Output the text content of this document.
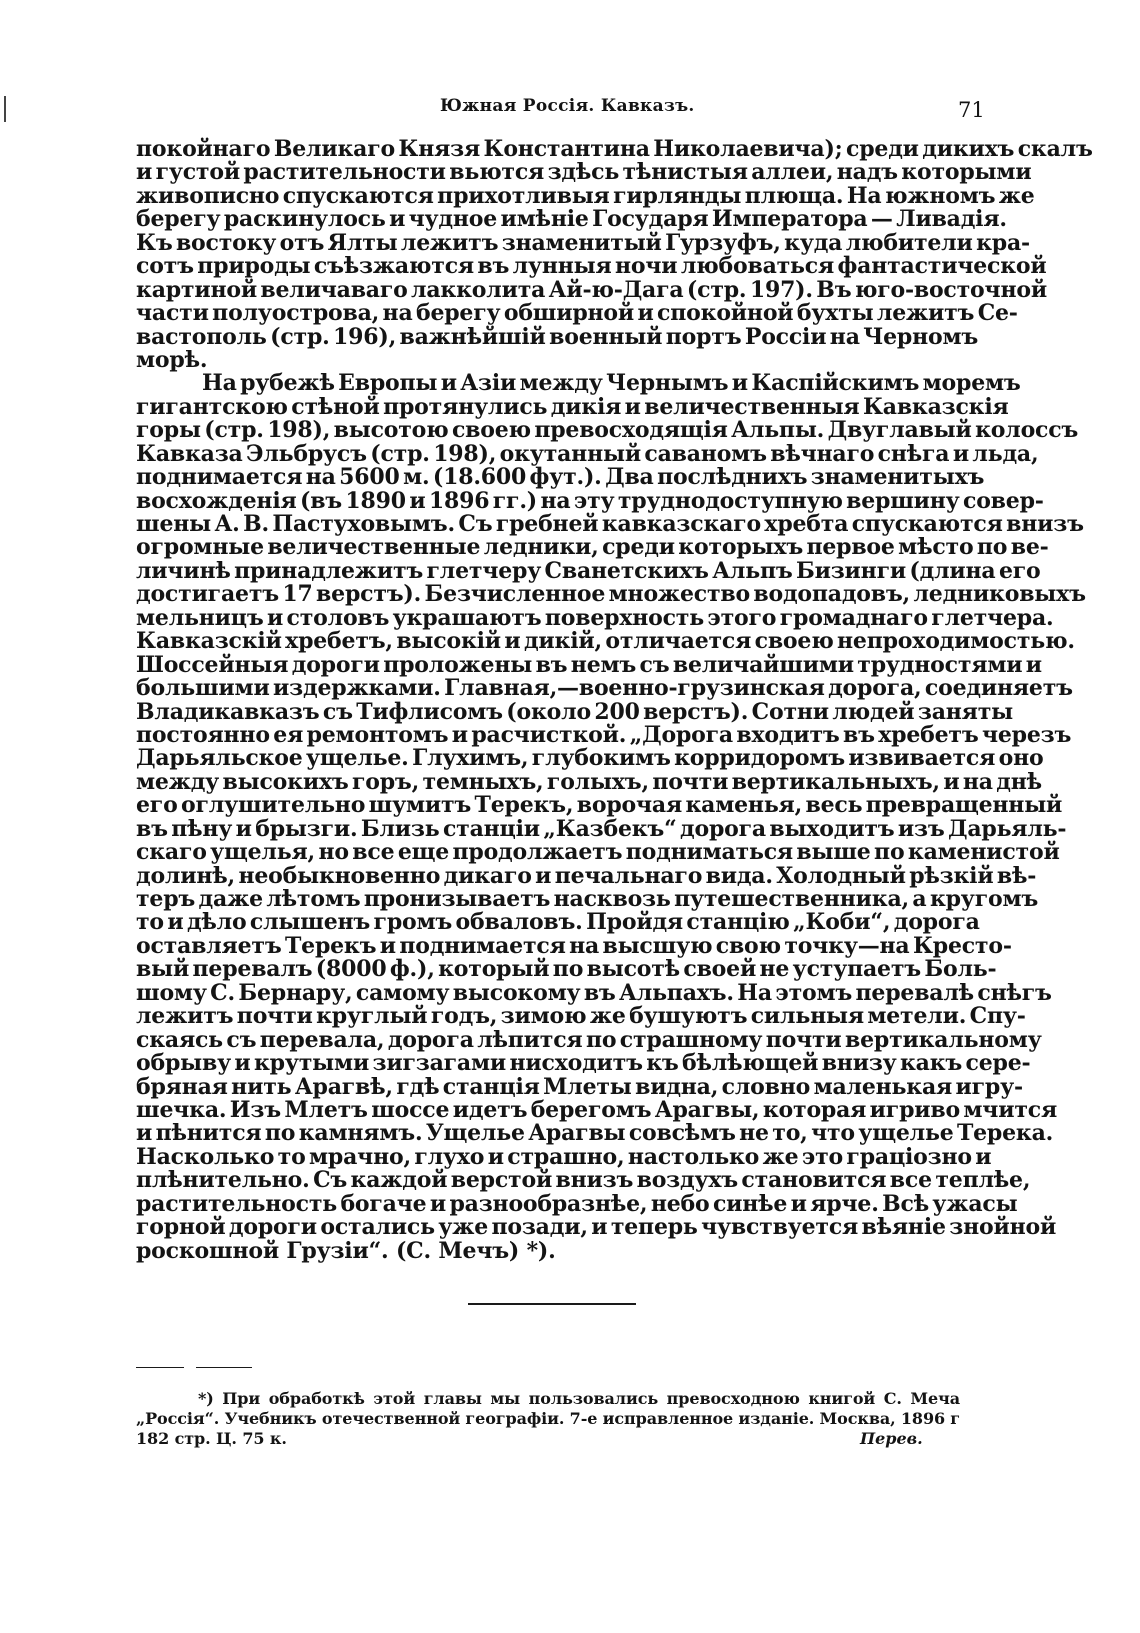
Южная Россія. Кавказъ.	71
покойнаго Великаго Князя Константина Николаевича); среди дикихъ скалъ
и густой растительности вьются здѣсь тѣнистыя аллеи, надъ которыми
живописно спускаются прихотливыя гирлянды плюща. На южномъ же
берегу раскинулось и чудное имѣніе Государя Императора — Ливадія.
Къ востоку отъ Ялты лежитъ знаменитый Гурзуфъ, куда любители кра-
сотъ природы съѣзжаются въ лунныя ночи любоваться фантастической
картиной величаваго лакколита Ай-ю-Дага (стр. 197). Въ юго-восточной
части полуострова, на берегу обширной и спокойной бухты лежитъ Се-
вастополь (стр. 196), важнѣйшій военный портъ Россіи на Черномъ
морѣ.
На рубежѣ Европы и Азіи между Чернымъ и Каспійскимъ моремъ
гигантскою стѣной протянулись дикія и величественныя Кавказскія
горы (стр. 198), высотою своею превосходящія Альпы. Двуглавый колоссъ
Кавказа Эльбрусъ (стр. 198), окутанный саваномъ вѣчнаго снѣга и льда,
поднимается на 5600 м. (18.600 фут.). Два послѣднихъ знаменитыхъ
восхожденія (въ 1890 и 1896 гг.) на эту труднодоступную вершину совер-
шены А. В. Пастуховымъ. Съ гребней кавказскаго хребта спускаются внизъ
огромные величественные ледники, среди которыхъ первое мѣсто по ве-
личинѣ принадлежитъ глетчеру Сванетскихъ Альпъ Бизинги (длина его
достигаетъ 17 верстъ). Безчисленное множество водопадовъ, ледниковыхъ
мельницъ и столовъ украшаютъ поверхность этого громаднаго глетчера.
Кавказскій хребетъ, высокій и дикій, отличается своею непроходимостью.
Шоссейныя дороги проложены въ немъ съ величайшими трудностями и
большими издержками. Главная,—военно-грузинская дорога, соединяетъ
Владикавказъ съ Тифлисомъ (около 200 верстъ). Сотни людей заняты
постоянно ея ремонтомъ и расчисткой. „Дорога входитъ въ хребетъ черезъ
Дарьяльское ущелье. Глухимъ, глубокимъ корридоромъ извивается оно
между высокихъ горъ, темныхъ, голыхъ, почти вертикальныхъ, и на днѣ
его оглушительно шумитъ Терекъ, ворочая каменья, весь превращенный
въ пѣну и брызги. Близь станціи „Казбекъ“ дорога выходитъ изъ Дарьяль-
скаго ущелья, но все еще продолжаетъ подниматься выше по каменистой
долинѣ, необыкновенно дикаго и печальнаго вида. Холодный рѣзкій вѣ-
теръ даже лѣтомъ пронизываетъ насквозь путешественника, а кругомъ
то и дѣло слышенъ громъ обваловъ. Пройдя станцію „Коби“, дорога
оставляетъ Терекъ и поднимается на высшую свою точку—на Кресто-
вый перевалъ (8000 ф.), который по высотѣ своей не уступаетъ Боль-
шому С. Бернару, самому высокому въ Альпахъ. На этомъ перевалѣ снѣгъ
лежитъ почти круглый годъ, зимою же бушуютъ сильныя метели. Спу-
скаясь съ перевала, дорога лѣпится по страшному почти вертикальному
обрыву и крутыми зигзагами нисходитъ къ бѣлѣющей внизу какъ сере-
бряная нить Арагвѣ, гдѣ станція Млеты видна, словно маленькая игру-
шечка. Изъ Млетъ шоссе идетъ берегомъ Арагвы, которая игриво мчится
и пѣнится по камнямъ. Ущелье Арагвы совсѣмъ не то, что ущелье Терека.
Насколько то мрачно, глухо и страшно, настолько же это граціозно и
плѣнительно. Съ каждой верстой внизъ воздухъ становится все теплѣе,
растительность богаче и разнообразнѣе, небо синѣе и ярче. Всѣ ужасы
горной дороги остались уже позади, и теперь чувствуется вѣяніе знойной
роскошной Грузіи“. (С. Мечъ) *).
*) При обработкѣ этой главы мы пользовались превосходною книгой С. Меча
„Россія“. Учебникъ отечественной географіи. 7-е исправленное изданіе. Москва, 1896 г
182 стр. Ц. 75 к.	Перев.
